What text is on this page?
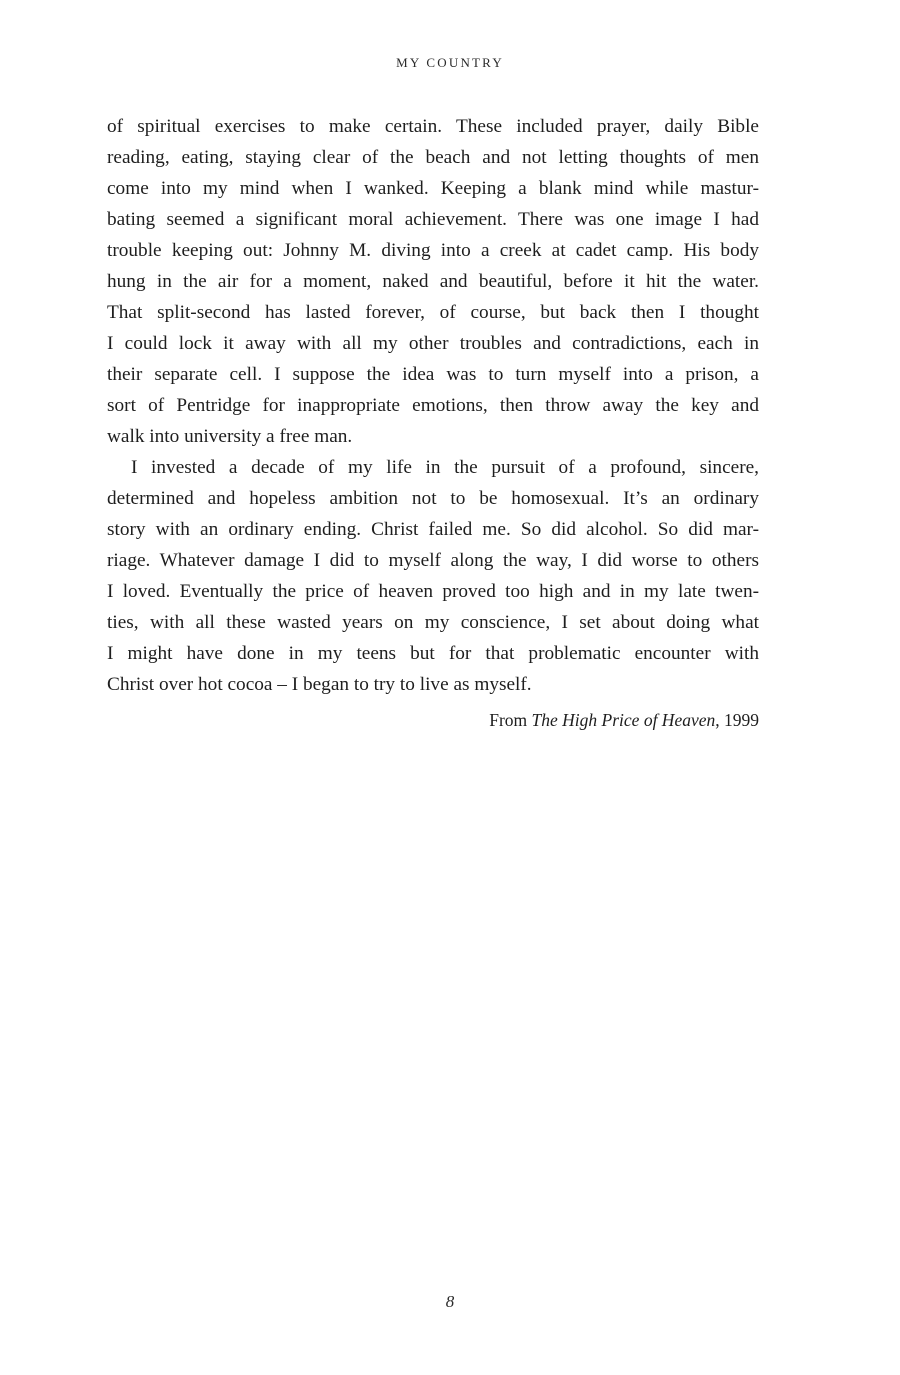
MY COUNTRY
of spiritual exercises to make certain. These included prayer, daily Bible
reading, eating, staying clear of the beach and not letting thoughts of men
come into my mind when I wanked. Keeping a blank mind while mastur-
bating seemed a significant moral achievement. There was one image I had
trouble keeping out: Johnny M. diving into a creek at cadet camp. His body
hung in the air for a moment, naked and beautiful, before it hit the water.
That split-second has lasted forever, of course, but back then I thought
I could lock it away with all my other troubles and contradictions, each in
their separate cell. I suppose the idea was to turn myself into a prison, a
sort of Pentridge for inappropriate emotions, then throw away the key and
walk into university a free man.
I invested a decade of my life in the pursuit of a profound, sincere,
determined and hopeless ambition not to be homosexual. It’s an ordinary
story with an ordinary ending. Christ failed me. So did alcohol. So did mar-
riage. Whatever damage I did to myself along the way, I did worse to others
I loved. Eventually the price of heaven proved too high and in my late twen-
ties, with all these wasted years on my conscience, I set about doing what
I might have done in my teens but for that problematic encounter with
Christ over hot cocoa – I began to try to live as myself.
From The High Price of Heaven, 1999
8
